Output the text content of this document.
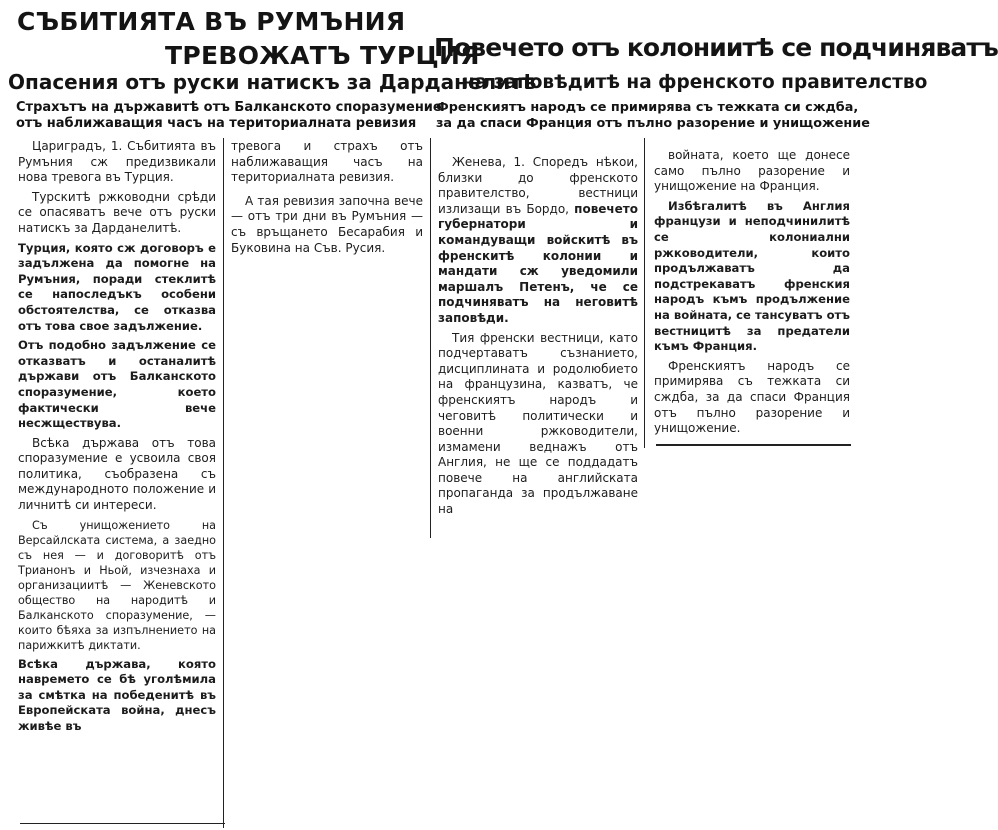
СЪБИТИЯТА ВЪ РУМЪНИЯ
ТРЕВОЖАТЪ ТУРЦИЯ
Опасения отъ руски натискъ за Дарданелитѣ
Страхътъ на държавитѣ отъ Балканското споразумение
отъ наближаващия часъ на териториалната ревизия
Повечето отъ колониитѣ се подчиняватъ
на заповѣдитѣ на френското правителство
Френскиятъ народъ се примирява съ тежката си сждба,
за да спаси Франция отъ пълно разорение и унищожение

Цариградъ, 1. Събитията въ Румъния сж предизвикали нова тревога въ Турция.

Турскитѣ ржководни срѣди се опасяватъ вече отъ руски натискъ за Дарданелитѣ.

Турция, която сж договоръ е задължена да помогне на Румъния, поради стеклитѣ се напоследъкъ особени обстоятелства, се отказва отъ това свое задължение.

Отъ подобно задължение се отказватъ и останалитѣ държави отъ Балканското споразумение, което фактически вече несжществува.

Всѣка държава отъ това споразумение е усвоила своя политика, съобразена съ международното положение и личнитѣ си интереси.

Съ унищожението на Версайлската система, а заедно съ нея — и договоритѣ отъ Трианонъ и Ньой, изчезнаха и организациитѣ — Женевското общество на народитѣ и Балканското споразумение, — които бѣяха за изпълнението на парижкитѣ диктати.

Всѣка държава, която навремето се бѣ уголѣмила за смѣтка на победенитѣ въ Европейската война, днесъ живѣе въ

тревога и страхъ отъ наближаващия часъ на териториалната ревизия.

А тая ревизия започна вече — отъ три дни въ Румъния — съ връщането Бесарабия и Буковина на Съв. Русия.

Женева, 1. Споредъ нѣкои, близки до френското правителство, вестници излизащи въ Бордо, повечето губернатори и командуващи войскитѣ въ френскитѣ колонии и мандати сж уведомили маршалъ Петенъ, че се подчиняватъ на неговитѣ заповѣди.

Тия френски вестници, като подчертаватъ съзнанието, дисциплината и родолюбието на французина, казватъ, че френскиятъ народъ и чеговитѣ политически и военни ржководители, измамени веднажъ отъ Англия, не ще се поддадатъ повече на английската пропаганда за продължаване на

войната, което ще донесе само пълно разорение и унищожение на Франция.

Избѣгалитѣ въ Англия французи и неподчинилитѣ се колониални ржководители, които продължаватъ да подстрекаватъ френския народъ къмъ продължение на войната, се тансуватъ отъ вестницитѣ за предатели къмъ Франция.

Френскиятъ народъ се примирява съ тежката си сждба, за да спаси Франция отъ пълно разорение и унищожение.
